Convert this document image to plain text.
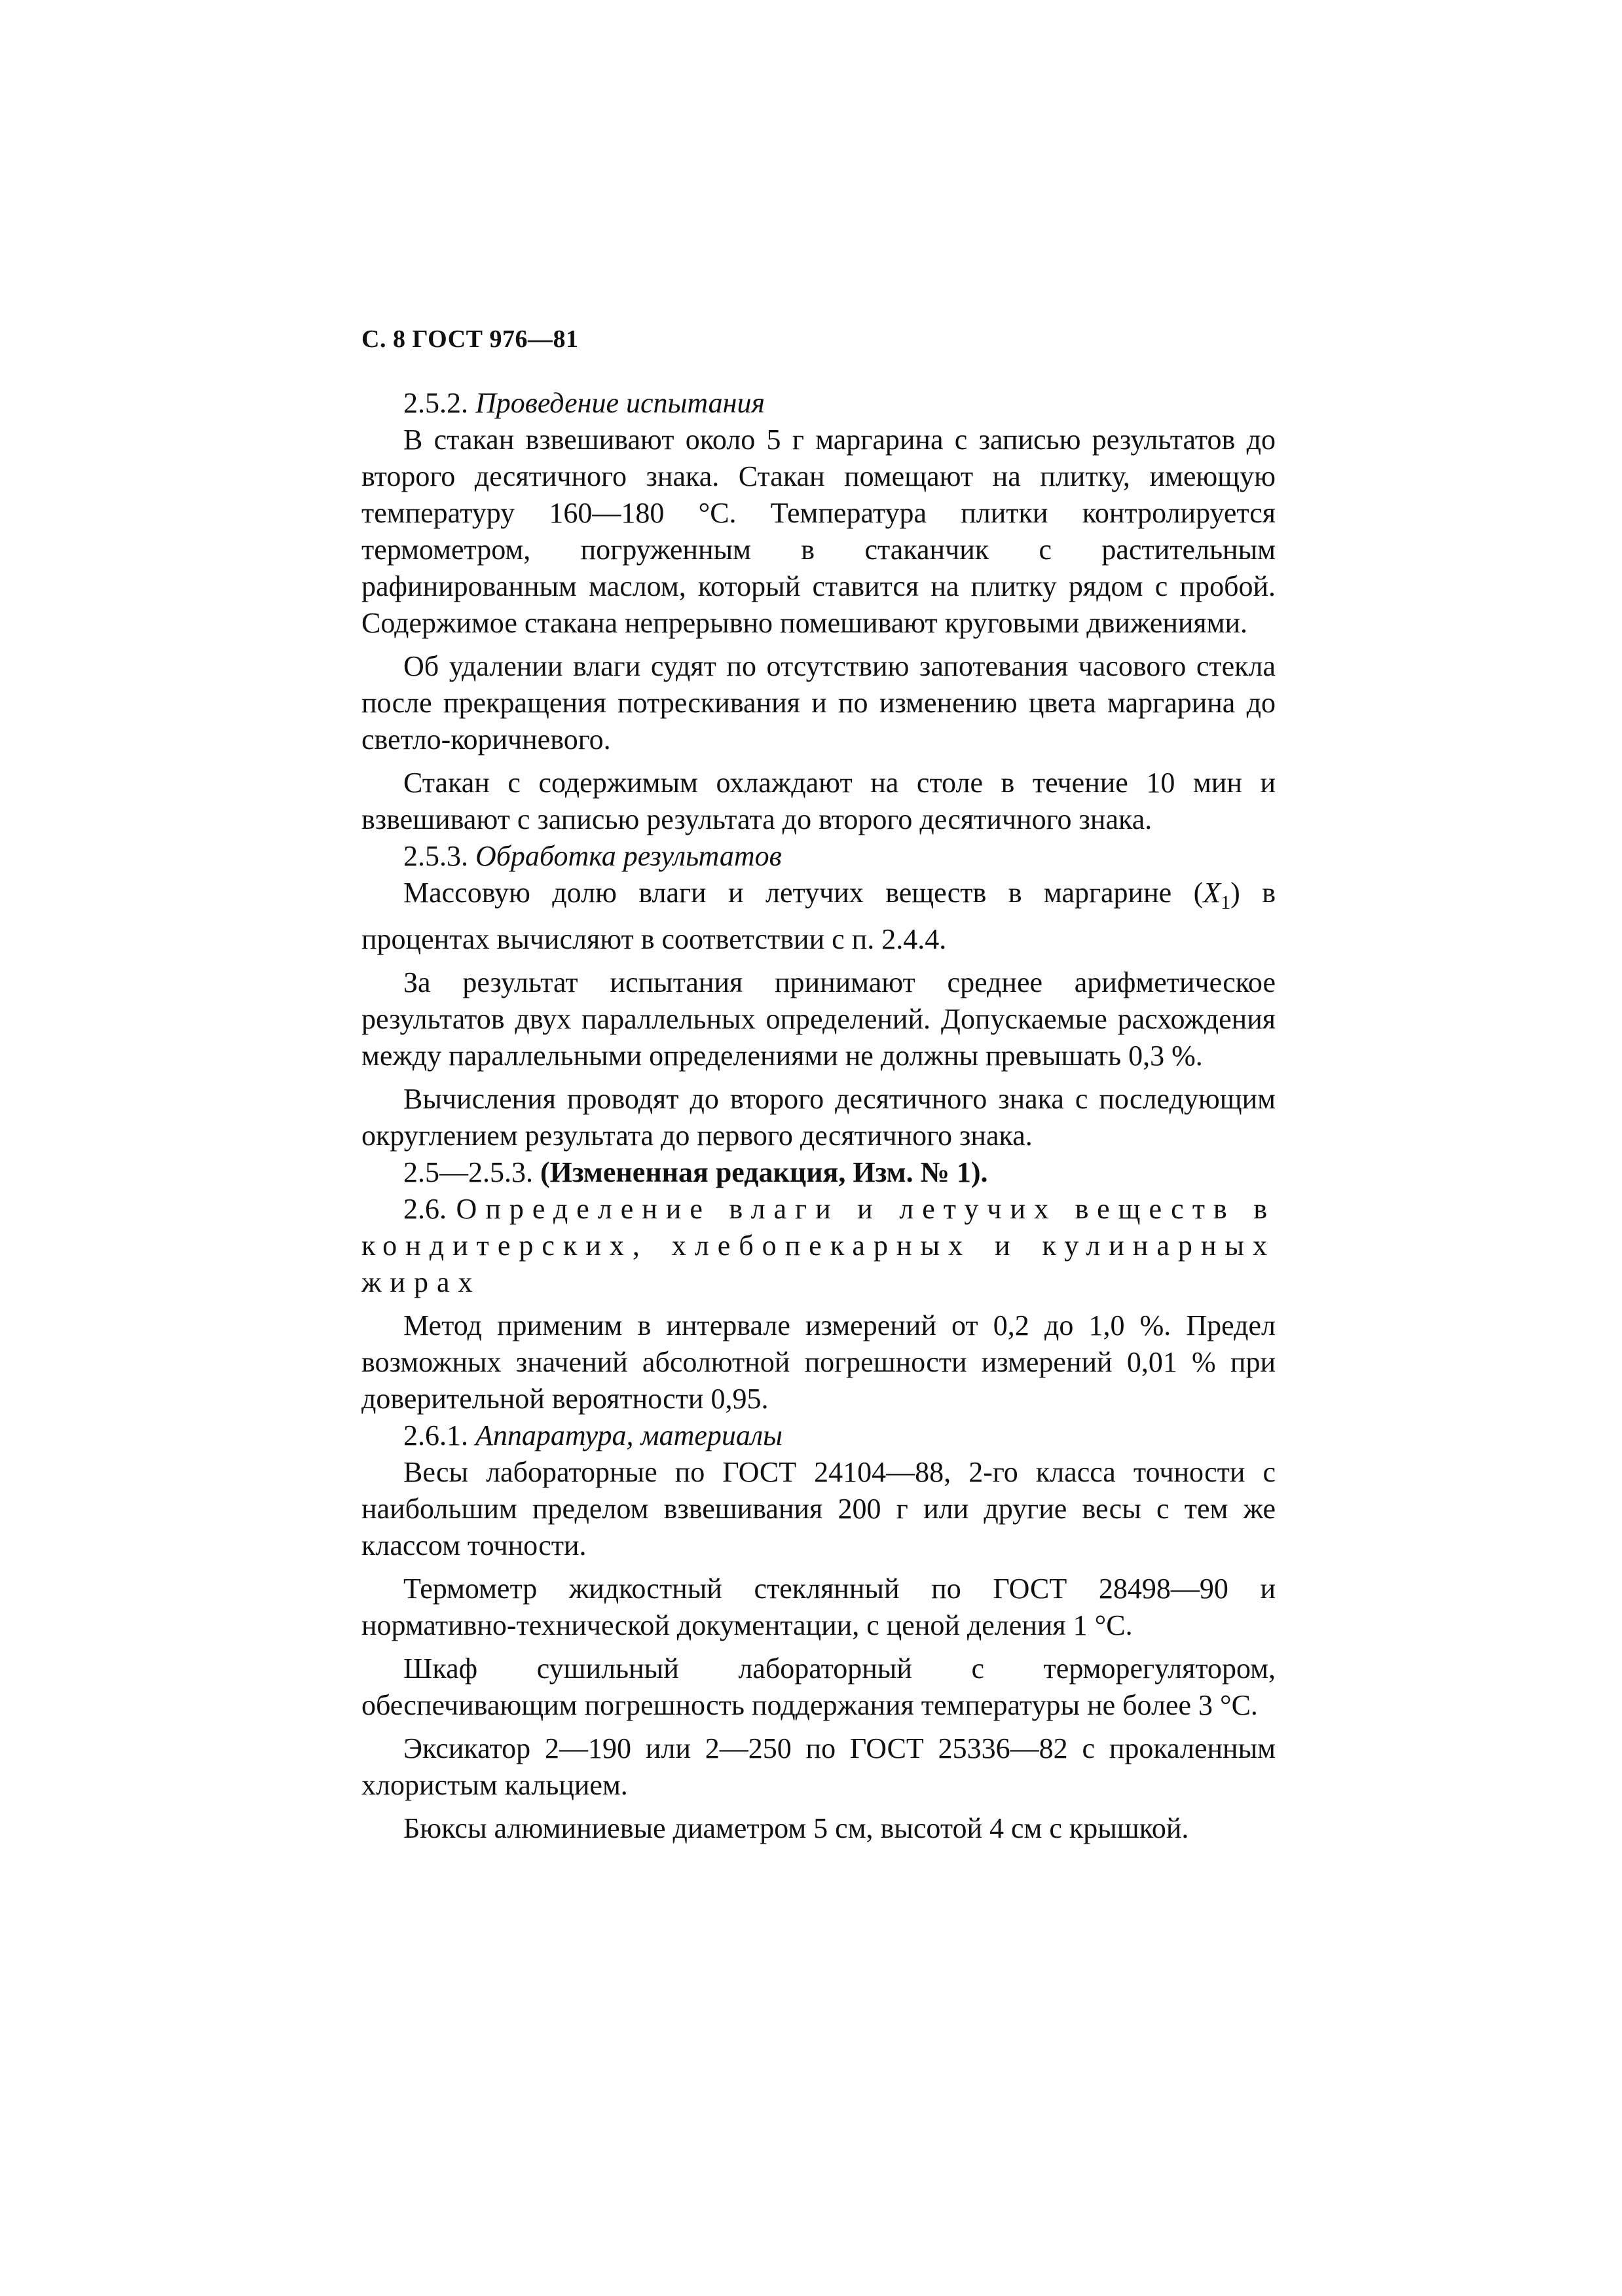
С. 8 ГОСТ 976—81

2.5.2. Проведение испытания

В стакан взвешивают около 5 г маргарина с записью результатов до второго десятичного знака. Стакан помещают на плитку, имеющую температуру 160—180 °С. Температура плитки контролируется термометром, погруженным в стаканчик с растительным рафинированным маслом, который ставится на плитку рядом с пробой. Содержимое стакана непрерывно помешивают круговыми движениями.

Об удалении влаги судят по отсутствию запотевания часового стекла после прекращения потрескивания и по изменению цвета маргарина до светло-коричневого.

Стакан с содержимым охлаждают на столе в течение 10 мин и взвешивают с записью результата до второго десятичного знака.

2.5.3. Обработка результатов

Массовую долю влаги и летучих веществ в маргарине $(X_1)$ в процентах вычисляют в соответствии с п. 2.4.4.

За результат испытания принимают среднее арифметическое результатов двух параллельных определений. Допускаемые расхождения между параллельными определениями не должны превышать 0,3 %.

Вычисления проводят до второго десятичного знака с последующим округлением результата до первого десятичного знака.

2.5—2.5.3. (Измененная редакция, Изм. № 1).

2.6. Определение влаги и летучих веществ в кондитерских, хлебопекарных и кулинарных жирах

Метод применим в интервале измерений от 0,2 до 1,0 %. Предел возможных значений абсолютной погрешности измерений 0,01 % при доверительной вероятности 0,95.

2.6.1. Аппаратура, материалы

Весы лабораторные по ГОСТ 24104—88, 2-го класса точности с наибольшим пределом взвешивания 200 г или другие весы с тем же классом точности.

Термометр жидкостный стеклянный по ГОСТ 28498—90 и нормативно-технической документации, с ценой деления 1 °С.

Шкаф сушильный лабораторный с терморегулятором, обеспечивающим погрешность поддержания температуры не более 3 °С.

Эксикатор 2—190 или 2—250 по ГОСТ 25336—82 с прокаленным хлористым кальцием.

Бюксы алюминиевые диаметром 5 см, высотой 4 см с крышкой.
